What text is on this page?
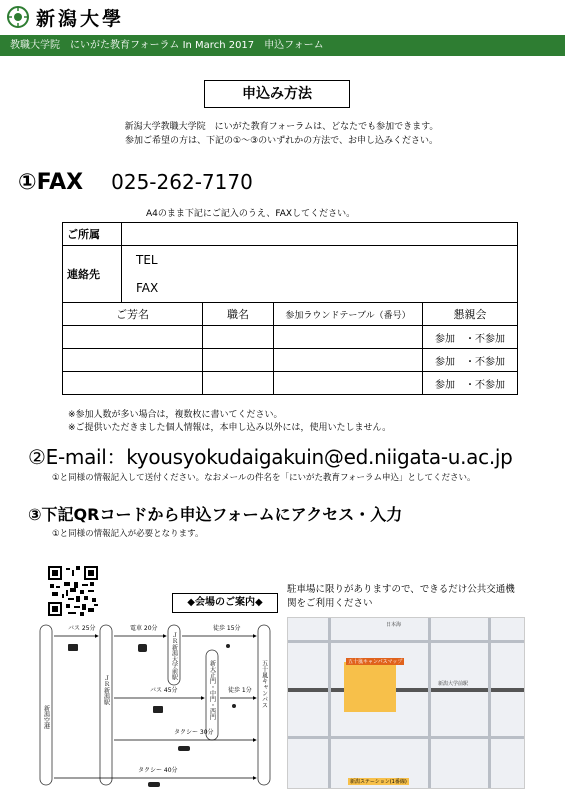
新潟大學
教職大学院　にいがた教育フォーラム In March 2017　申込フォーム
申込み方法
新潟大学教職大学院　にいがた教育フォーラムは、どなたでも参加できます。
参加ご希望の方は、下記の①～③のいずれかの方法で、お申し込みください。
①FAX 025-262-7170
A4のまま下記にご記入のうえ、FAXしてください。
ご所属				
連絡先	TEL			
	FAX			
ご芳名		職名	参加ラウンドテーブル（番号）	懇親会
				参加　・不参加
				参加　・不参加
				参加　・不参加
※参加人数が多い場合は，複数枚に書いてください。
※ご提供いただきました個人情報は，本申し込み以外には，使用いたしません。
②E-mail：kyousyokudaigakuin@ed.niigata-u.ac.jp
①と同様の情報記入して送付ください。なおメールの件名を「にいがた教育フォーラム申込」としてください。
③下記QRコードから申込フォームにアクセス・入力
①と同様の情報記入が必要となります。
◆会場のご案内◆
駐車場に限りがありますので、できるだけ公共交通機関をご利用ください
新潟空港
ＪＲ新潟駅
ＪＲ新潟大学前駅
新大正門・中門・西門	五十嵐キャンパス
バス 25分	電車 20分	徒歩 15分
バス 45分	徒歩 1分
タクシー 30分
タクシー 40分
五十嵐キャンパスマップ
日本海
新潟大学前駅
新潟ステーション(1番線)
